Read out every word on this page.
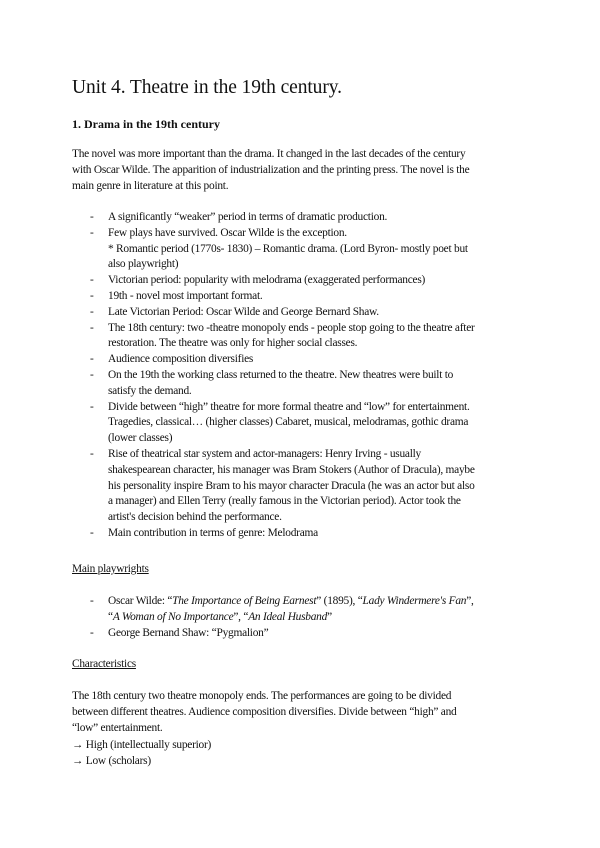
Unit 4. Theatre in the 19th century.
1. Drama in the 19th century
The novel was more important than the drama. It changed in the last decades of the century
with Oscar Wilde. The apparition of industrialization and the printing press. The novel is the
main genre in literature at this point.
- A significantly “weaker” period in terms of dramatic production.
- Few plays have survived. Oscar Wilde is the exception.
* Romantic period (1770s- 1830) – Romantic drama. (Lord Byron- mostly poet but
also playwright)
- Victorian period: popularity with melodrama (exaggerated performances)
- 19th - novel most important format.
- Late Victorian Period: Oscar Wilde and George Bernard Shaw.
- The 18th century: two -theatre monopoly ends - people stop going to the theatre after
restoration. The theatre was only for higher social classes.
- Audience composition diversifies
- On the 19th the working class returned to the theatre. New theatres were built to
satisfy the demand.
- Divide between “high” theatre for more formal theatre and “low” for entertainment.
Tragedies, classical… (higher classes) Cabaret, musical, melodramas, gothic drama
(lower classes)
- Rise of theatrical star system and actor-managers: Henry Irving - usually
shakespearean character, his manager was Bram Stokers (Author of Dracula), maybe
his personality inspire Bram to his mayor character Dracula (he was an actor but also
a manager) and Ellen Terry (really famous in the Victorian period). Actor took the
artist's decision behind the performance.
- Main contribution in terms of genre: Melodrama
Main playwrights
- Oscar Wilde: “The Importance of Being Earnest” (1895), “Lady Windermere's Fan”,
“A Woman of No Importance”, “An Ideal Husband”
- George Bernand Shaw: “Pygmalion”
Characteristics
The 18th century two theatre monopoly ends. The performances are going to be divided
between different theatres. Audience composition diversifies. Divide between “high” and
“low” entertainment.
→ High (intellectually superior)
→ Low (scholars)
